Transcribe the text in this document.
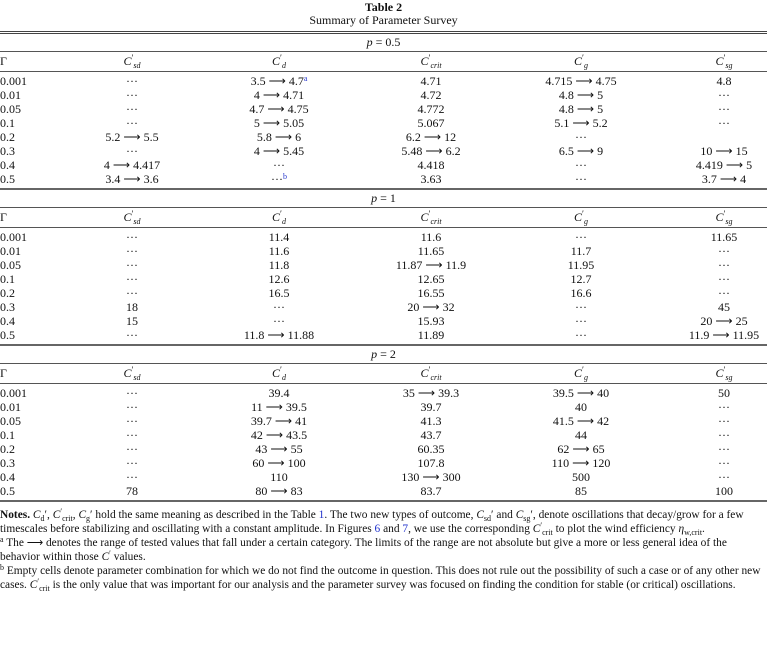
Table 2
Summary of Parameter Survey
p = 0.5
Γ	$C'_{sd}$	$C'_d$	$C'_{crit}$	$C'_g$	$C'_{sg}$
0.001	···	3.5 ⟶ 4.7$^a$	4.71	4.715 ⟶ 4.75	4.8
0.01	···	4 ⟶ 4.71	4.72	4.8 ⟶ 5	···
0.05	···	4.7 ⟶ 4.75	4.772	4.8 ⟶ 5	···
0.1	···	5 ⟶ 5.05	5.067	5.1 ⟶ 5.2	···
0.2	5.2 ⟶ 5.5	5.8 ⟶ 6	6.2 ⟶ 12	···
0.3	···	4 ⟶ 5.45	5.48 ⟶ 6.2	6.5 ⟶ 9	10 ⟶ 15
0.4	4 ⟶ 4.417	···	4.418	···	4.419 ⟶ 5
0.5	3.4 ⟶ 3.6	···$^b$	3.63	···	3.7 ⟶ 4
p = 1
Γ	$C'_{sd}$	$C'_d$	$C'_{crit}$	$C'_g$	$C'_{sg}$
0.001	···	11.4	11.6	···	11.65
0.01	···	11.6	11.65	11.7	···
0.05	···	11.8	11.87 ⟶ 11.9	11.95	···
0.1	···	12.6	12.65	12.7	···
0.2	···	16.5	16.55	16.6	···
0.3	18	···	20 ⟶ 32	···	45
0.4	15	···	15.93	···	20 ⟶ 25
0.5	···	11.8 ⟶ 11.88	11.89	···	11.9 ⟶ 11.95
p = 2
Γ	$C'_{sd}$	$C'_d$	$C'_{crit}$	$C'_g$	$C'_{sg}$
0.001	···	39.4	35 ⟶ 39.3	39.5 ⟶ 40	50
0.01	···	11 ⟶ 39.5	39.7	40	···
0.05	···	39.7 ⟶ 41	41.3	41.5 ⟶ 42	···
0.1	···	42 ⟶ 43.5	43.7	44	···
0.2	···	43 ⟶ 55	60.35	62 ⟶ 65	···
0.3	···	60 ⟶ 100	107.8	110 ⟶ 120	···
0.4	···	110	130 ⟶ 300	500	···
0.5	78	80 ⟶ 83	83.7	85	100

Notes. $C_d'$, $C'_{crit}$, $C_g'$ hold the same meaning as described in the Table 1. The two new types of outcome, $C_{sd}'$ and $C_{sg}'$, denote oscillations that decay/grow for a few timescales before stabilizing and oscillating with a constant amplitude. In Figures 6 and 7, we use the corresponding $C'_{crit}$ to plot the wind efficiency $\eta_{w,crit}$.

$^a$ The ⟶ denotes the range of tested values that fall under a certain category. The limits of the range are not absolute but give a more or less general idea of the behavior within those C′ values.

$^b$ Empty cells denote parameter combination for which we do not find the outcome in question. This does not rule out the possibility of such a case or of any other new cases. $C'_{crit}$ is the only value that was important for our analysis and the parameter survey was focused on finding the condition for stable (or critical) oscillations.
